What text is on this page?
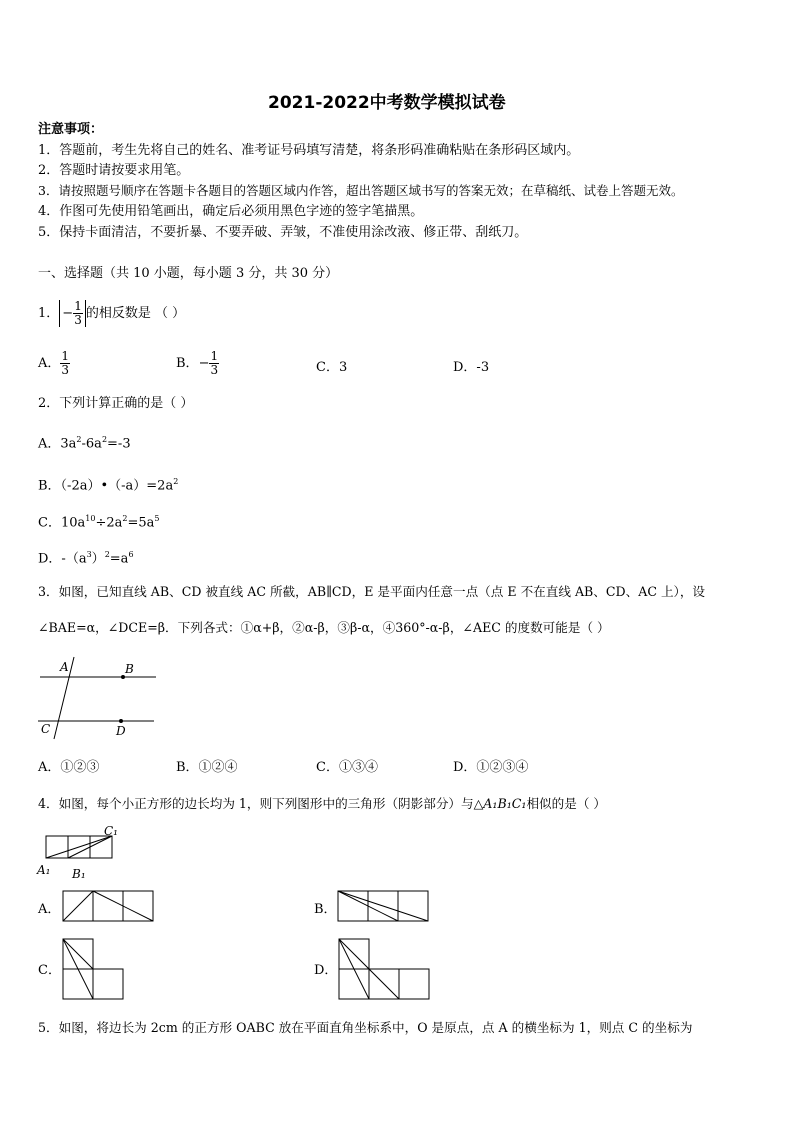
2021-2022中考数学模拟试卷
注意事项：
1．答题前，考生先将自己的姓名、准考证号码填写清楚，将条形码准确粘贴在条形码区域内。
2．答题时请按要求用笔。
3．请按照题号顺序在答题卡各题目的答题区域内作答，超出答题区域书写的答案无效；在草稿纸、试卷上答题无效。
4．作图可先使用铅笔画出，确定后必须用黑色字迹的签字笔描黑。
5．保持卡面清洁，不要折暴、不要弄破、弄皱，不准使用涂改液、修正带、刮纸刀。
一、选择题（共 10 小题，每小题 3 分，共 30 分）
1． − $\frac{1}{3}$ 的相反数是 （ ）
A． $\frac{1}{3}$	B．− $\frac{1}{3}$	C．3	D．-3
2．下列计算正确的是（ ）
A．$3a^2-6a^2=-3$
B．$(-2a)•(-a)=2a^2$
C．$10a^{10}\div 2a^2=5a^5$
D．$-(a^3)^2=a^6$
3．如图，已知直线 AB、CD 被直线 AC 所截，AB∥CD，E 是平面内任意一点（点 E 不在直线 AB、CD、AC 上），设
∠BAE=α，∠DCE=β．下列各式：①α+β，②α-β，③β-α，④360°-α-β，∠AEC 的度数可能是（ ）
A	B
C	D
A．①②③	B．①②④	C．①③④	D．①②③④
4．如图，每个小正方形的边长均为 1，则下列图形中的三角形（阴影部分）与△A₁B₁C₁相似的是（ ）
C₁
A₁ B₁
A．	B．
C．	D．
5．如图，将边长为 2cm 的正方形 OABC 放在平面直角坐标系中，O 是原点，点 A 的横坐标为 1，则点 C 的坐标为
